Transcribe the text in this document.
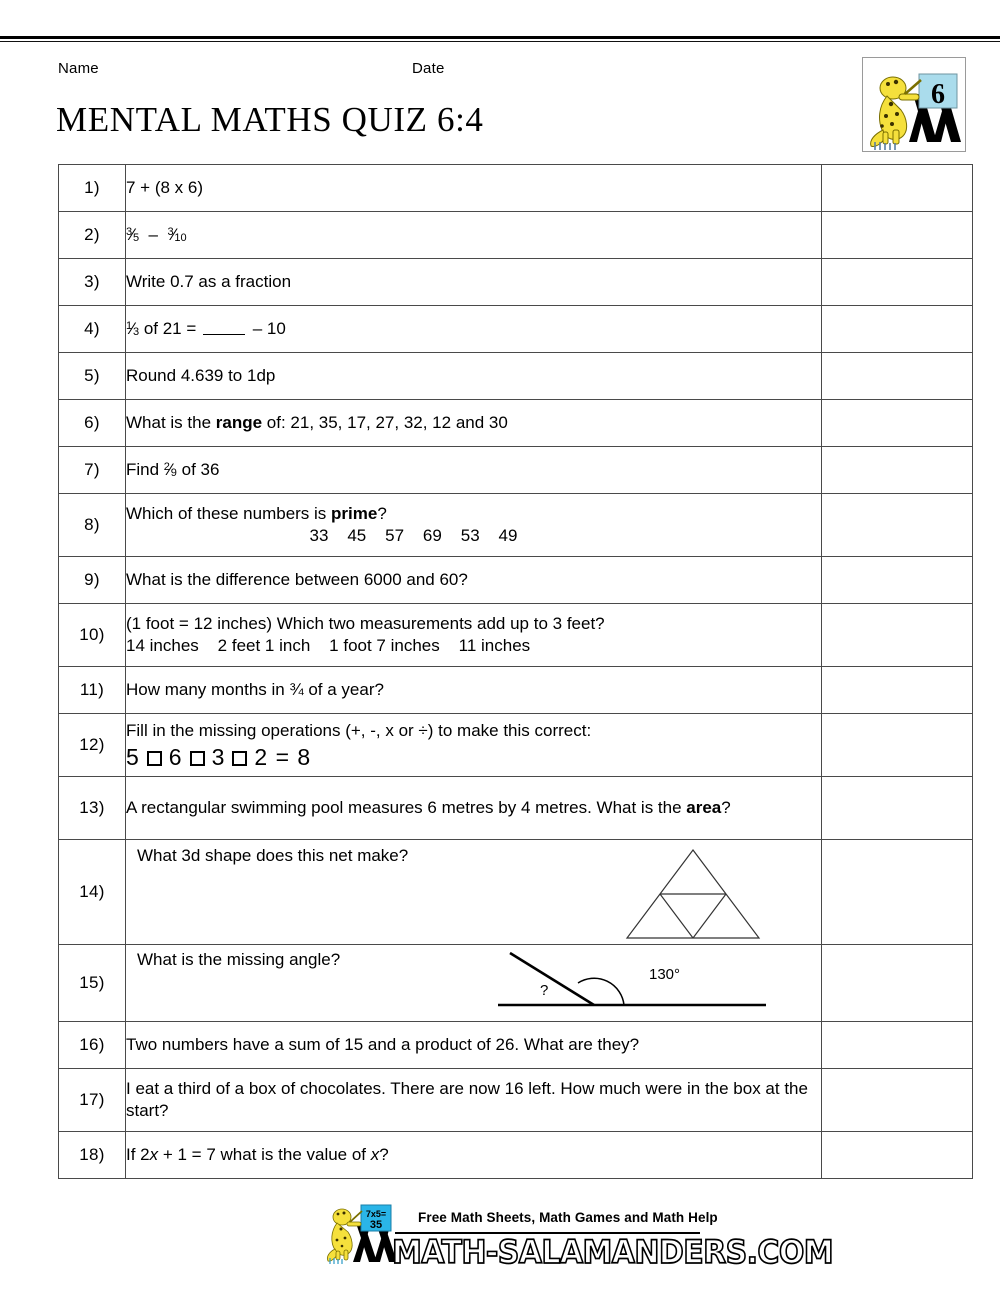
Name	Date
MENTAL MATHS QUIZ 6:4
6
1)	7 + (8 x 6)	
2)	$^3$⁄5  –  $^3$⁄10	
3)	Write 0.7 as a fraction	
4)	$^1$⁄3 of 21 = – 10	
5)	Round 4.639 to 1dp	
6)	What is the range of: 21, 35, 17, 27, 32, 12 and 30	
7)	Find $^2$⁄9 of 36	
8)	Which of these numbers is prime?
33    45    57    69    53    49	

9)	What is the difference between 6000 and 60?	
10)	(1 foot = 12 inches) Which two measurements add up to 3 feet?
14 inches    2 feet 1 inch    1 foot 7 inches    11 inches	

11)	How many months in ¾ of a year?	
12)	Fill in the missing operations (+, -, x or ÷) to make this correct:
5 6 3 2 = 8	

13)	A rectangular swimming pool measures 6 metres by 4 metres. What is the area?	
14)	What 3d shape does this net make?	

15)	What is the missing angle?
130°
?	

16)	Two numbers have a sum of 15 and a product of 26. What are they?	
17)	I eat a third of a box of chocolates. There are now 16 left. How much were in the box at the start?	
18)	If 2x + 1 = 7 what is the value of x?	
7x5=
35	Free Math Sheets, Math Games and Math Help
MATH-SALAMANDERS.COM
